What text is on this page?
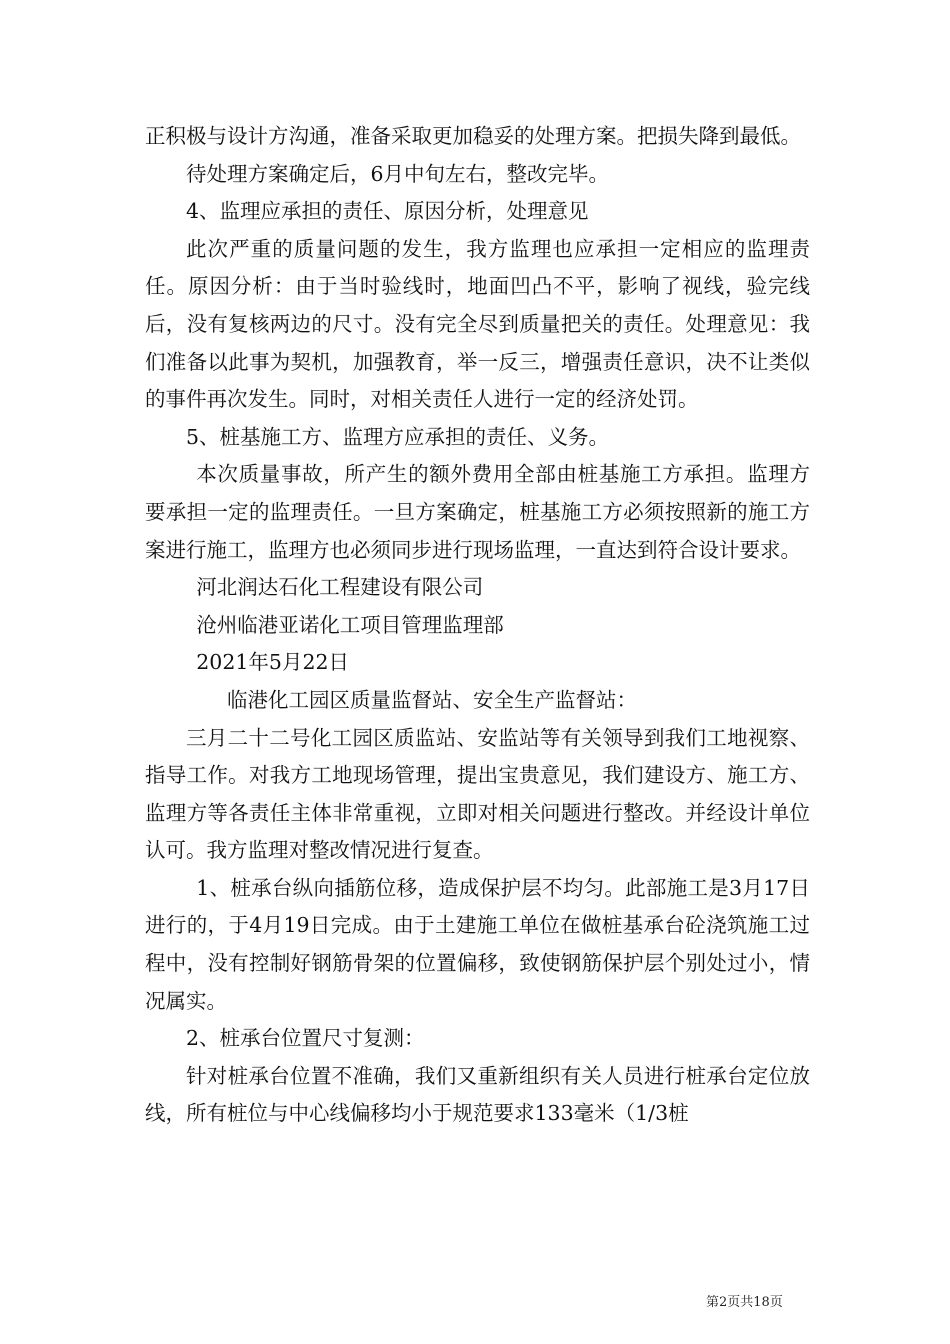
正积极与设计方沟通，准备采取更加稳妥的处理方案。把损失降到最低。

待处理方案确定后，6月中旬左右，整改完毕。

4、监理应承担的责任、原因分析，处理意见

此次严重的质量问题的发生，我方监理也应承担一定相应的监理责任。原因分析：由于当时验线时，地面凹凸不平，影响了视线，验完线后，没有复核两边的尺寸。没有完全尽到质量把关的责任。处理意见：我们准备以此事为契机，加强教育，举一反三，增强责任意识，决不让类似的事件再次发生。同时，对相关责任人进行一定的经济处罚。

5、桩基施工方、监理方应承担的责任、义务。

本次质量事故，所产生的额外费用全部由桩基施工方承担。监理方要承担一定的监理责任。一旦方案确定，桩基施工方必须按照新的施工方案进行施工，监理方也必须同步进行现场监理，一直达到符合设计要求。

河北润达石化工程建设有限公司

沧州临港亚诺化工项目管理监理部

2021年5月22日

临港化工园区质量监督站、安全生产监督站：

三月二十二号化工园区质监站、安监站等有关领导到我们工地视察、指导工作。对我方工地现场管理，提出宝贵意见，我们建设方、施工方、监理方等各责任主体非常重视，立即对相关问题进行整改。并经设计单位认可。我方监理对整改情况进行复查。

1、桩承台纵向插筋位移，造成保护层不均匀。此部施工是3月17日进行的，于4月19日完成。由于土建施工单位在做桩基承台砼浇筑施工过程中，没有控制好钢筋骨架的位置偏移，致使钢筋保护层个别处过小，情况属实。

2、桩承台位置尺寸复测：

针对桩承台位置不准确，我们又重新组织有关人员进行桩承台定位放线，所有桩位与中心线偏移均小于规范要求133毫米（1/3桩

第2页共18页
